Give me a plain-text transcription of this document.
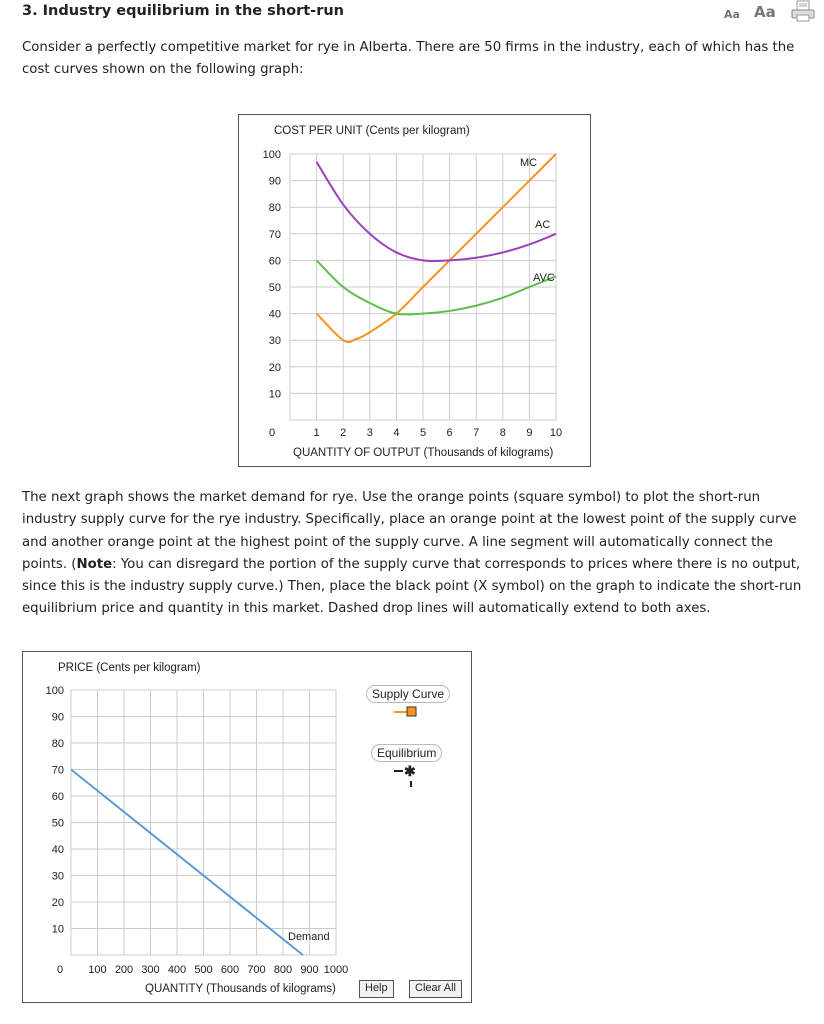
3. Industry equilibrium in the short-run	Aa Aa
Consider a perfectly competitive market for rye in Alberta. There are 50 firms in the industry, each of which has the cost curves shown on the following graph:
COST PER UNIT (Cents per kilogram)
1 2 3 4 5 6 7 8 9 10
10
20
30
40
50
60
70
80
90
100
0
MC
AC
AVC
QUANTITY OF OUTPUT (Thousands of kilograms)
The next graph shows the market demand for rye. Use the orange points (square symbol) to plot the short-run industry supply curve for the rye industry. Specifically, place an orange point at the lowest point of the supply curve and another orange point at the highest point of the supply curve. A line segment will automatically connect the points. (Note: You can disregard the portion of the supply curve that corresponds to prices where there is no output, since this is the industry supply curve.) Then, place the black point (X symbol) on the graph to indicate the short-run equilibrium price and quantity in this market. Dashed drop lines will automatically extend to both axes.
PRICE (Cents per kilogram)
100 200 300 400 500 600 700 800 900 1000
10
20
30
40
50
60
70
80
90
100
0
Demand
QUANTITY (Thousands of kilograms)
✱
Supply Curve
Equilibrium
Help	Clear All
